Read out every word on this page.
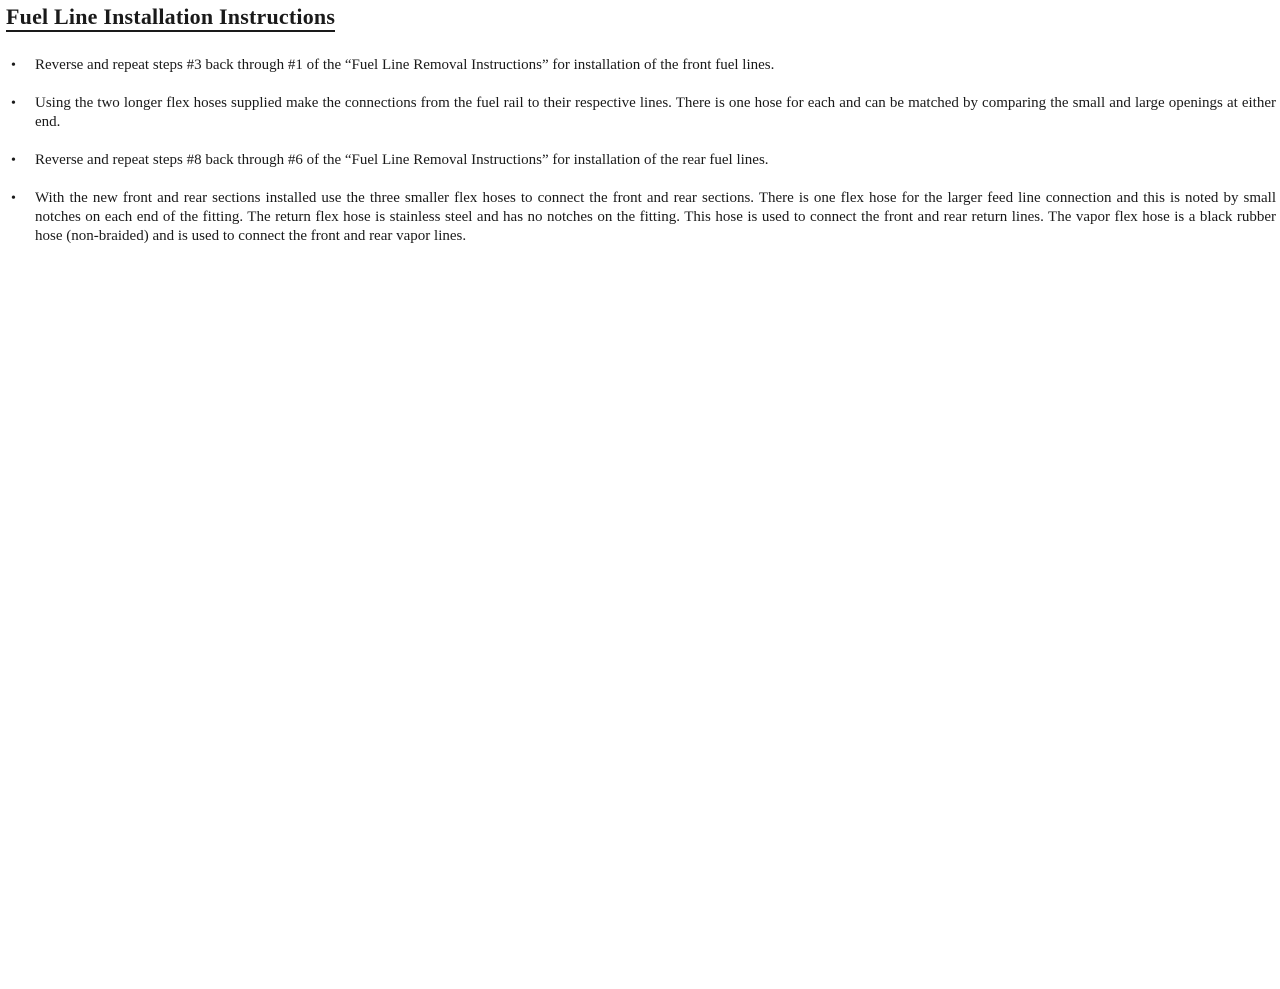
Fuel Line Installation Instructions
•	Reverse and repeat steps #3 back through #1 of the “Fuel Line Removal Instructions” for installation of the front fuel lines.
•	Using the two longer flex hoses supplied make the connections from the fuel rail to their respective lines. There is one hose for each and can be matched by comparing the small and large openings at either end.
•	Reverse and repeat steps #8 back through #6 of the “Fuel Line Removal Instructions” for installation of the rear fuel lines.
•	With the new front and rear sections installed use the three smaller flex hoses to connect the front and rear sections. There is one flex hose for the larger feed line connection and this is noted by small notches on each end of the fitting. The return flex hose is stainless steel and has no notches on the fitting. This hose is used to connect the front and rear return lines. The vapor flex hose is a black rubber hose (non-braided) and is used to connect the front and rear vapor lines.
